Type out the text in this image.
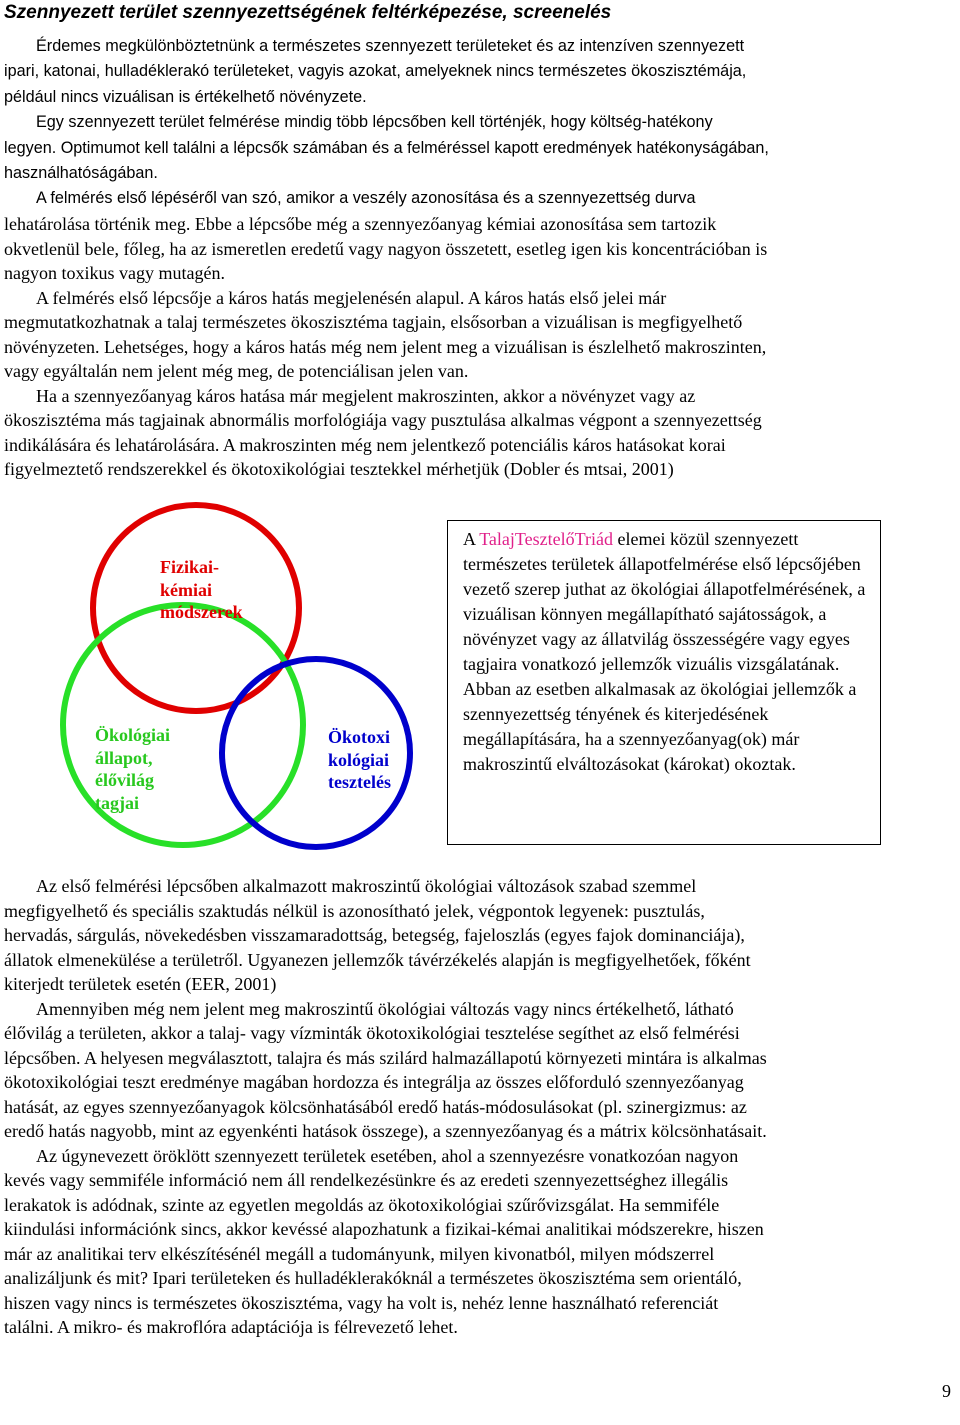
Szennyezett terület szennyezettségének feltérképezése, screenelés
Érdemes megkülönböztetnünk a természetes szennyezett területeket és az intenzíven szennyezett
ipari, katonai, hulladéklerakó területeket, vagyis azokat, amelyeknek nincs természetes ökoszisztémája,
például nincs vizuálisan is értékelhető növényzete.
Egy szennyezett terület felmérése mindig több lépcsőben kell történjék, hogy költség-hatékony
legyen. Optimumot kell találni a lépcsők számában és a felméréssel kapott eredmények hatékonyságában,
használhatóságában.
A felmérés első lépéséről van szó, amikor a veszély azonosítása és a szennyezettség durva
lehatárolása történik meg. Ebbe a lépcsőbe még a szennyezőanyag kémiai azonosítása sem tartozik
okvetlenül bele, főleg, ha az ismeretlen eredetű vagy nagyon összetett, esetleg igen kis koncentrációban is
nagyon toxikus vagy mutagén.
A felmérés első lépcsője a káros hatás megjelenésén alapul. A káros hatás első jelei már
megmutatkozhatnak a talaj természetes ökoszisztéma tagjain, elsősorban a vizuálisan is megfigyelhető
növényzeten. Lehetséges, hogy a káros hatás még nem jelent meg a vizuálisan is észlelhető makroszinten,
vagy egyáltalán nem jelent még meg, de potenciálisan jelen van.
Ha a szennyezőanyag káros hatása már megjelent makroszinten, akkor a növényzet vagy az
ökoszisztéma más tagjainak abnormális morfológiája vagy pusztulása alkalmas végpont a szennyezettség
indikálására és lehatárolására. A makroszinten még nem jelentkező potenciális káros hatásokat korai
figyelmeztető rendszerekkel és ökotoxikológiai tesztekkel mérhetjük (Dobler és mtsai, 2001)
Fizikai-
kémiai
módszerek
Ökológiai
állapot,
élővilág
tagjai
Ökotoxi
kológiai
tesztelés
A TalajTesztelőTriád elemei közül szennyezett természetes területek állapotfelmérése első lépcsőjében vezető szerep juthat az ökológiai állapotfelmérésének, a vizuálisan könnyen megállapítható sajátosságok, a növényzet vagy az állatvilág összességére vagy egyes tagjaira vonatkozó jellemzők vizuális vizsgálatának. Abban az esetben alkalmasak az ökológiai jellemzők a szennyezettség tényének és kiterjedésének megállapítására, ha a szennyezőanyag(ok) már makroszintű elváltozásokat (károkat) okoztak.
Az első felmérési lépcsőben alkalmazott makroszintű ökológiai változások szabad szemmel
megfigyelhető és speciális szaktudás nélkül is azonosítható jelek, végpontok legyenek: pusztulás,
hervadás, sárgulás, növekedésben visszamaradottság, betegség, fajeloszlás (egyes fajok dominanciája),
állatok elmenekülése a területről. Ugyanezen jellemzők távérzékelés alapján is megfigyelhetőek, főként
kiterjedt területek esetén (EER, 2001)
Amennyiben még nem jelent meg makroszintű ökológiai változás vagy nincs értékelhető, látható
élővilág a területen, akkor a talaj- vagy vízminták ökotoxikológiai tesztelése segíthet az első felmérési
lépcsőben. A helyesen megválasztott, talajra és más szilárd halmazállapotú környezeti mintára is alkalmas
ökotoxikológiai teszt eredménye magában hordozza és integrálja az összes előforduló szennyezőanyag
hatását, az egyes szennyezőanyagok kölcsönhatásából eredő hatás-módosulásokat (pl. szinergizmus: az
eredő hatás nagyobb, mint az egyenkénti hatások összege), a szennyezőanyag és a mátrix kölcsönhatásait.
Az úgynevezett öröklött szennyezett területek esetében, ahol a szennyezésre vonatkozóan nagyon
kevés vagy semmiféle információ nem áll rendelkezésünkre és az eredeti szennyezettséghez illegális
lerakatok is adódnak, szinte az egyetlen megoldás az ökotoxikológiai szűrővizsgálat. Ha semmiféle
kiindulási információnk sincs, akkor kevéssé alapozhatunk a fizikai-kémai analitikai módszerekre, hiszen
már az analitikai terv elkészítésénél megáll a tudományunk, milyen kivonatból, milyen módszerrel
analizáljunk és mit? Ipari területeken és hulladéklerakóknál a természetes ökoszisztéma sem orientáló,
hiszen vagy nincs is természetes ökoszisztéma, vagy ha volt is, nehéz lenne használható referenciát
találni. A mikro- és makroflóra adaptációja is félrevezető lehet.
9
